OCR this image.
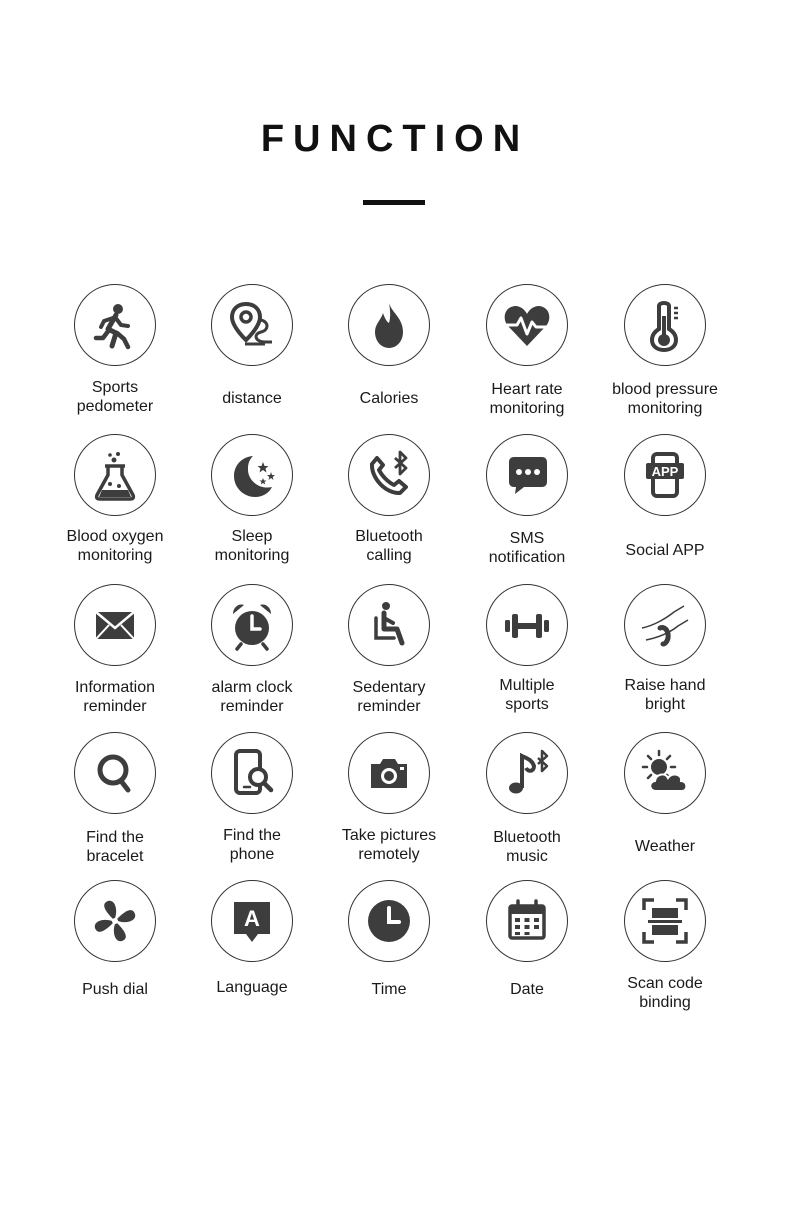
FUNCTION
Sports
pedometer	distance	Calories
Heart rate
monitoring
blood pressure
monitoring
Blood oxygen
monitoring
Sleep
monitoring
Bluetooth
calling
SMS
notification
APP
Social APP
Information
reminder
alarm clock
reminder
Sedentary
reminder
Multiple
sports
Raise hand
bright
Find the
bracelet
Find the
phone
Take pictures
remotely
Bluetooth
music
Weather
Push dial
A
Language	Time	Date	Scan code
binding
